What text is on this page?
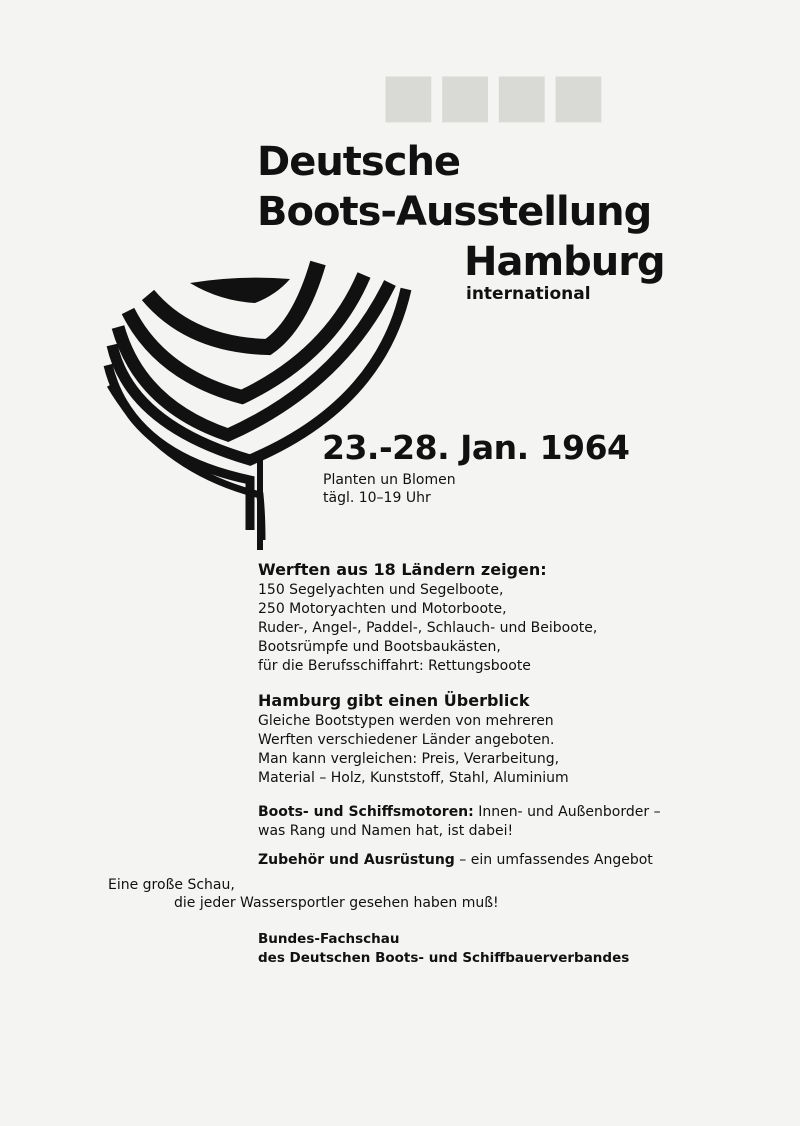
■■■■
Deutsche
Boots-Ausstellung
Hamburg
international
23.-28. Jan. 1964
Planten un Blomen
tägl. 10–19 Uhr
Werften aus 18 Ländern zeigen:
150 Segelyachten und Segelboote,
250 Motoryachten und Motorboote,
Ruder-, Angel-, Paddel-, Schlauch- und Beiboote,
Bootsrümpfe und Bootsbaukästen,
für die Berufsschiffahrt: Rettungsboote
Hamburg gibt einen Überblick
Gleiche Bootstypen werden von mehreren
Werften verschiedener Länder angeboten.
Man kann vergleichen: Preis, Verarbeitung,
Material – Holz, Kunststoff, Stahl, Aluminium
Boots- und Schiffsmotoren: Innen- und Außenborder –
was Rang und Namen hat, ist dabei!
Zubehör und Ausrüstung – ein umfassendes Angebot
Eine große Schau,
die jeder Wassersportler gesehen haben muß!
Bundes-Fachschau
des Deutschen Boots- und Schiffbauerverbandes
